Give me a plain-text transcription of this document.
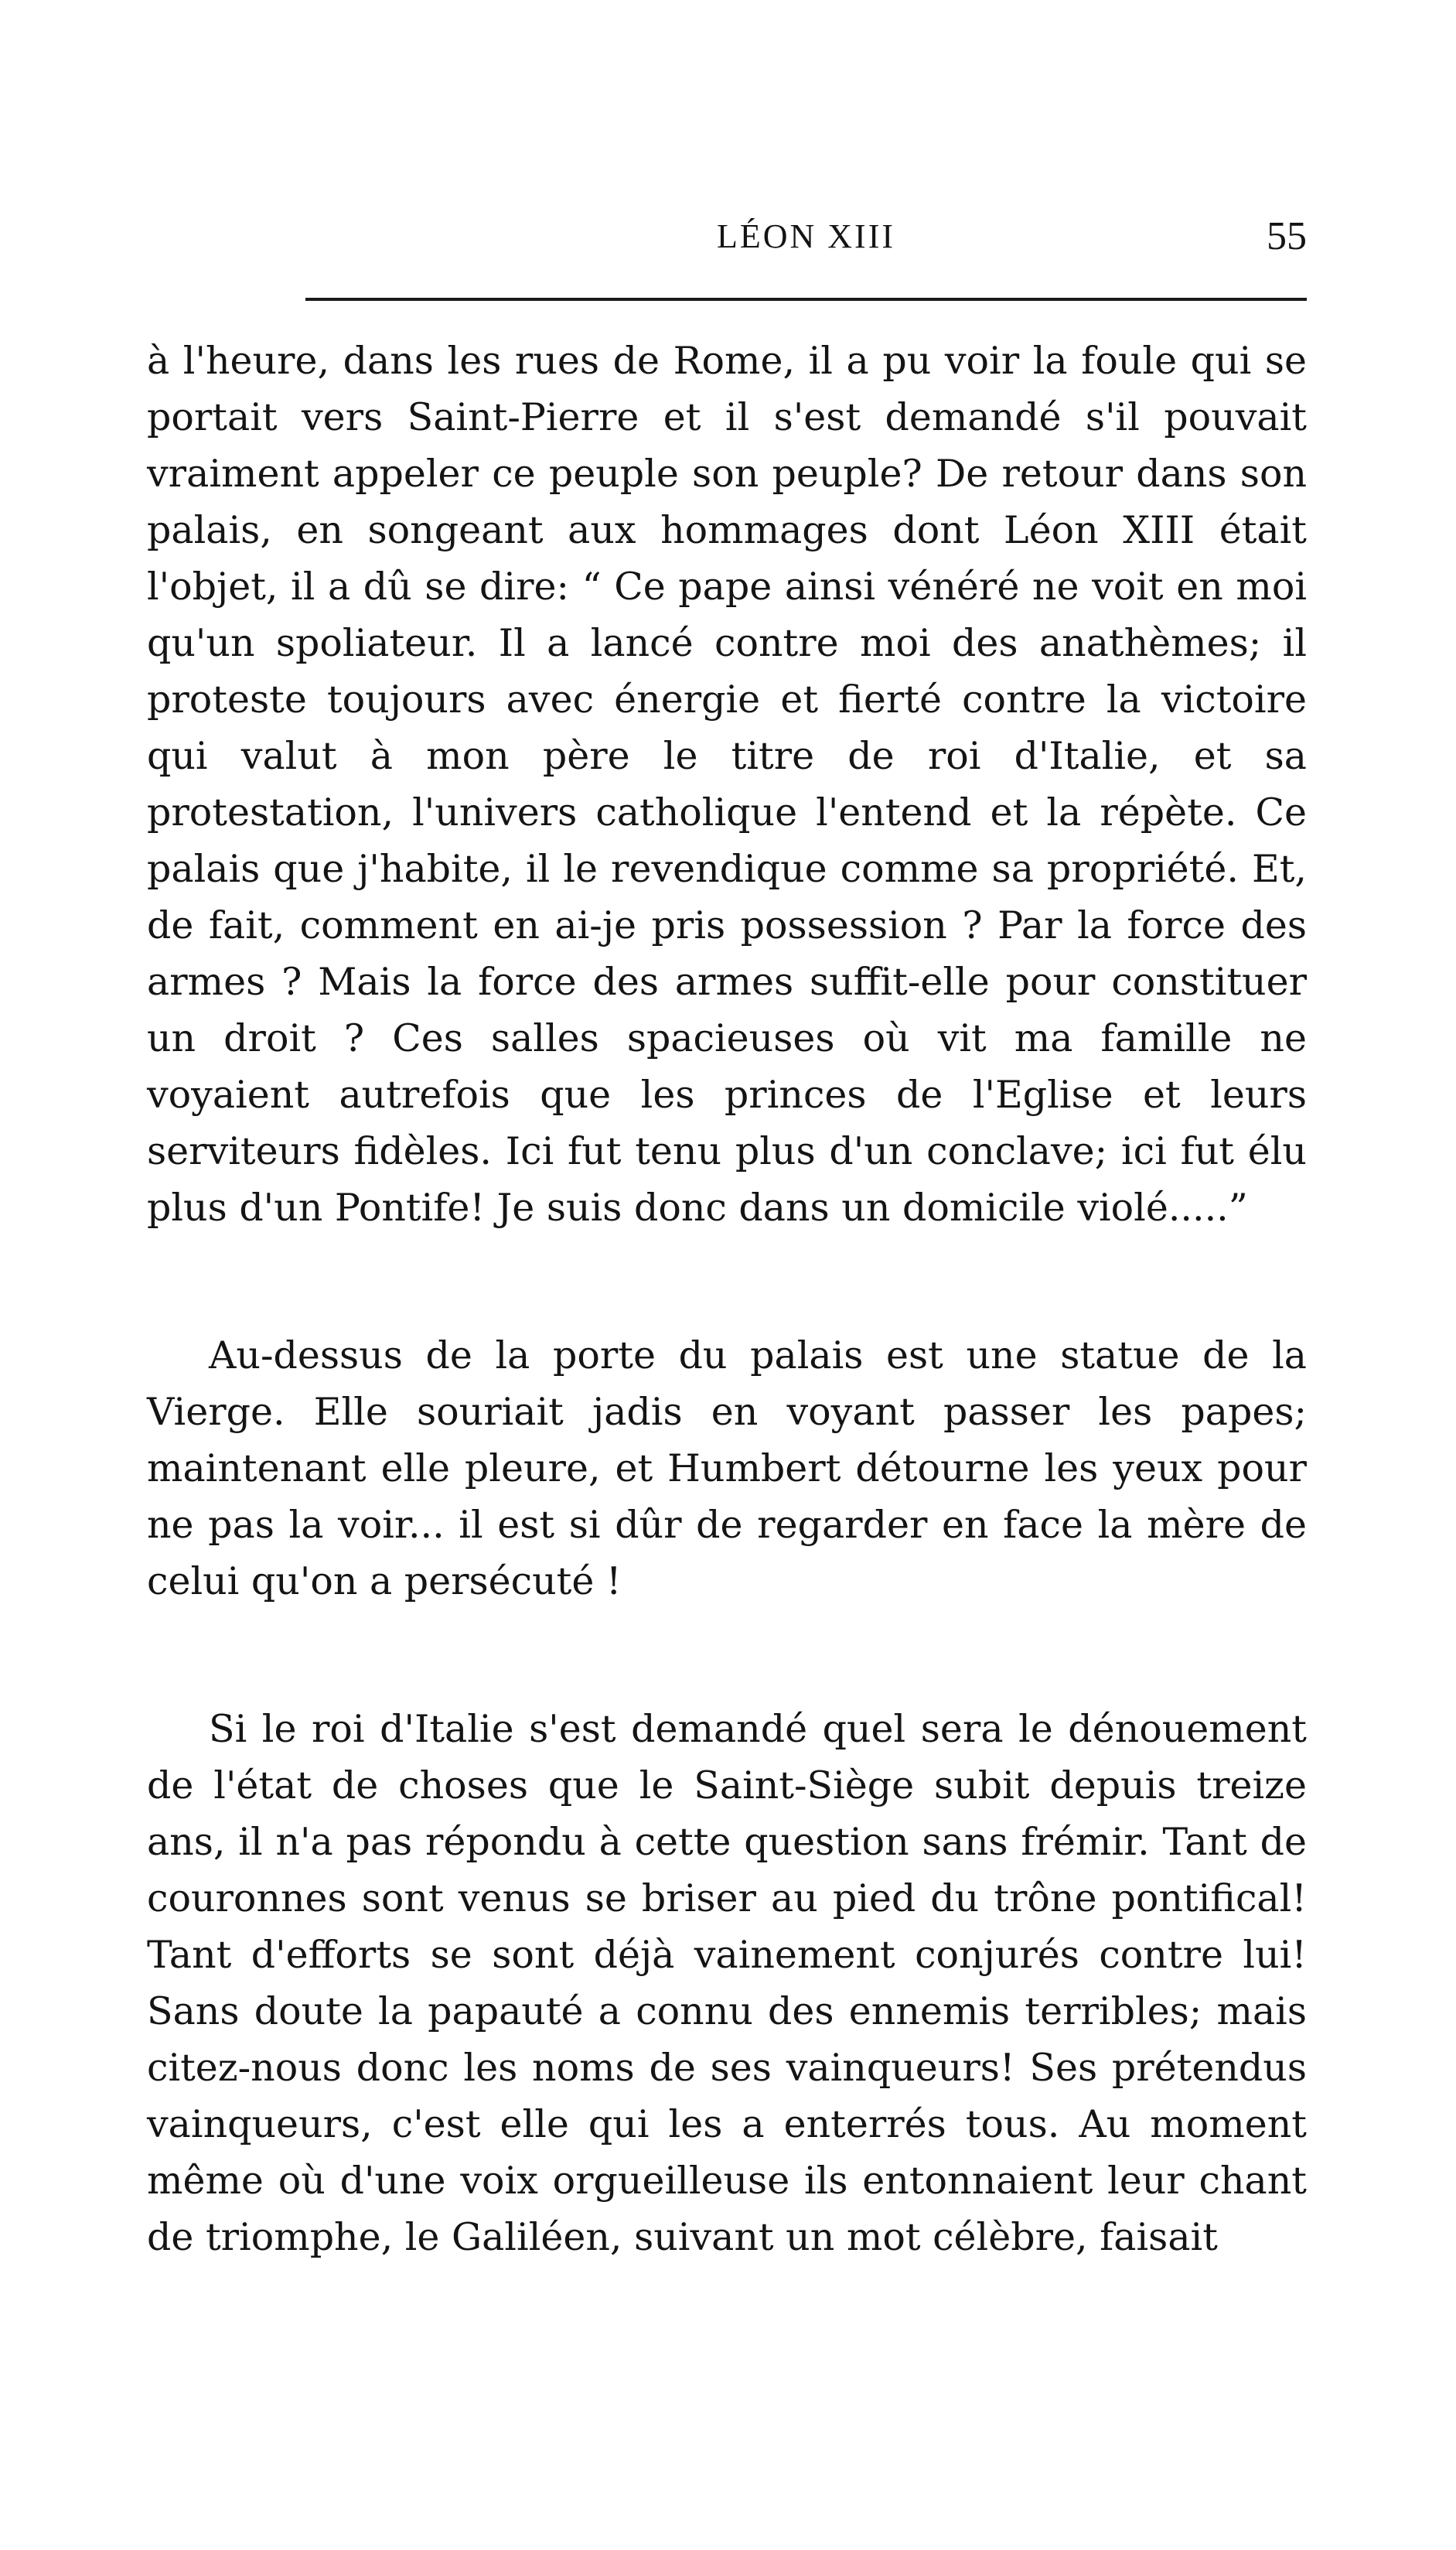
LÉON XIII	55

à l'heure, dans les rues de Rome, il a pu voir la foule qui se portait vers Saint-Pierre et il s'est demandé s'il pouvait vraiment appeler ce peuple son peuple? De retour dans son palais, en songeant aux hommages dont Léon XIII était l'objet, il a dû se dire: “ Ce pape ainsi vénéré ne voit en moi qu'un spoliateur. Il a lancé contre moi des anathèmes; il proteste toujours avec énergie et fierté contre la victoire qui valut à mon père le titre de roi d'Italie, et sa protestation, l'univers catholique l'entend et la répète. Ce palais que j'habite, il le revendique comme sa propriété. Et, de fait, comment en ai-je pris possession ? Par la force des armes ? Mais la force des armes suffit-elle pour constituer un droit ? Ces salles spacieuses où vit ma famille ne voyaient autrefois que les princes de l'Eglise et leurs serviteurs fidèles. Ici fut tenu plus d'un conclave; ici fut élu plus d'un Pontife! Je suis donc dans un domicile violé.....”

Au-dessus de la porte du palais est une statue de la Vierge. Elle souriait jadis en voyant passer les papes; maintenant elle pleure, et Humbert détourne les yeux pour ne pas la voir... il est si dûr de regarder en face la mère de celui qu'on a persécuté !

Si le roi d'Italie s'est demandé quel sera le dénouement de l'état de choses que le Saint-Siège subit depuis treize ans, il n'a pas répondu à cette question sans frémir. Tant de couronnes sont venus se briser au pied du trône pontifical! Tant d'efforts se sont déjà vainement conjurés contre lui! Sans doute la papauté a connu des ennemis terribles; mais citez-nous donc les noms de ses vainqueurs! Ses prétendus vainqueurs, c'est elle qui les a enterrés tous. Au moment même où d'une voix orgueilleuse ils entonnaient leur chant de triomphe, le Galiléen, suivant un mot célèbre, faisait
